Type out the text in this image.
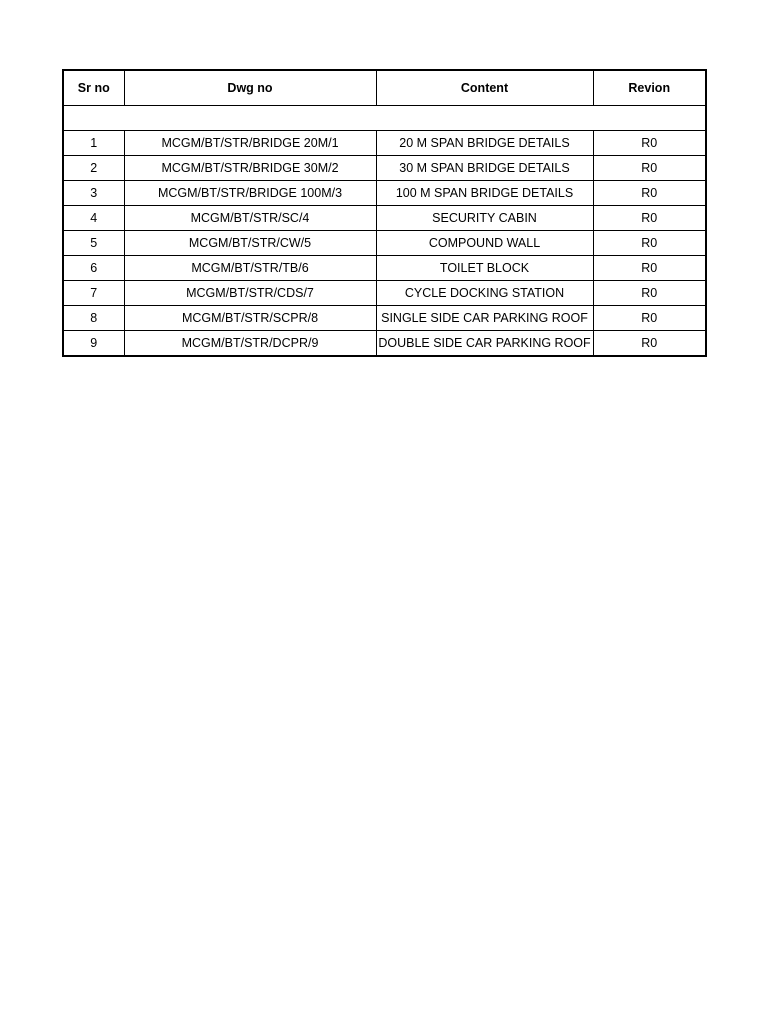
Sr no	Dwg no	Content	Revion

1	MCGM/BT/STR/BRIDGE 20M/1	20 M SPAN BRIDGE DETAILS	R0
2	MCGM/BT/STR/BRIDGE 30M/2	30 M SPAN BRIDGE DETAILS	R0
3	MCGM/BT/STR/BRIDGE 100M/3	100 M SPAN BRIDGE DETAILS	R0
4	MCGM/BT/STR/SC/4	SECURITY CABIN	R0
5	MCGM/BT/STR/CW/5	COMPOUND WALL	R0
6	MCGM/BT/STR/TB/6	TOILET BLOCK	R0
7	MCGM/BT/STR/CDS/7	CYCLE DOCKING STATION	R0
8	MCGM/BT/STR/SCPR/8	SINGLE SIDE CAR PARKING ROOF	R0
9	MCGM/BT/STR/DCPR/9	DOUBLE SIDE CAR PARKING ROOF	R0
